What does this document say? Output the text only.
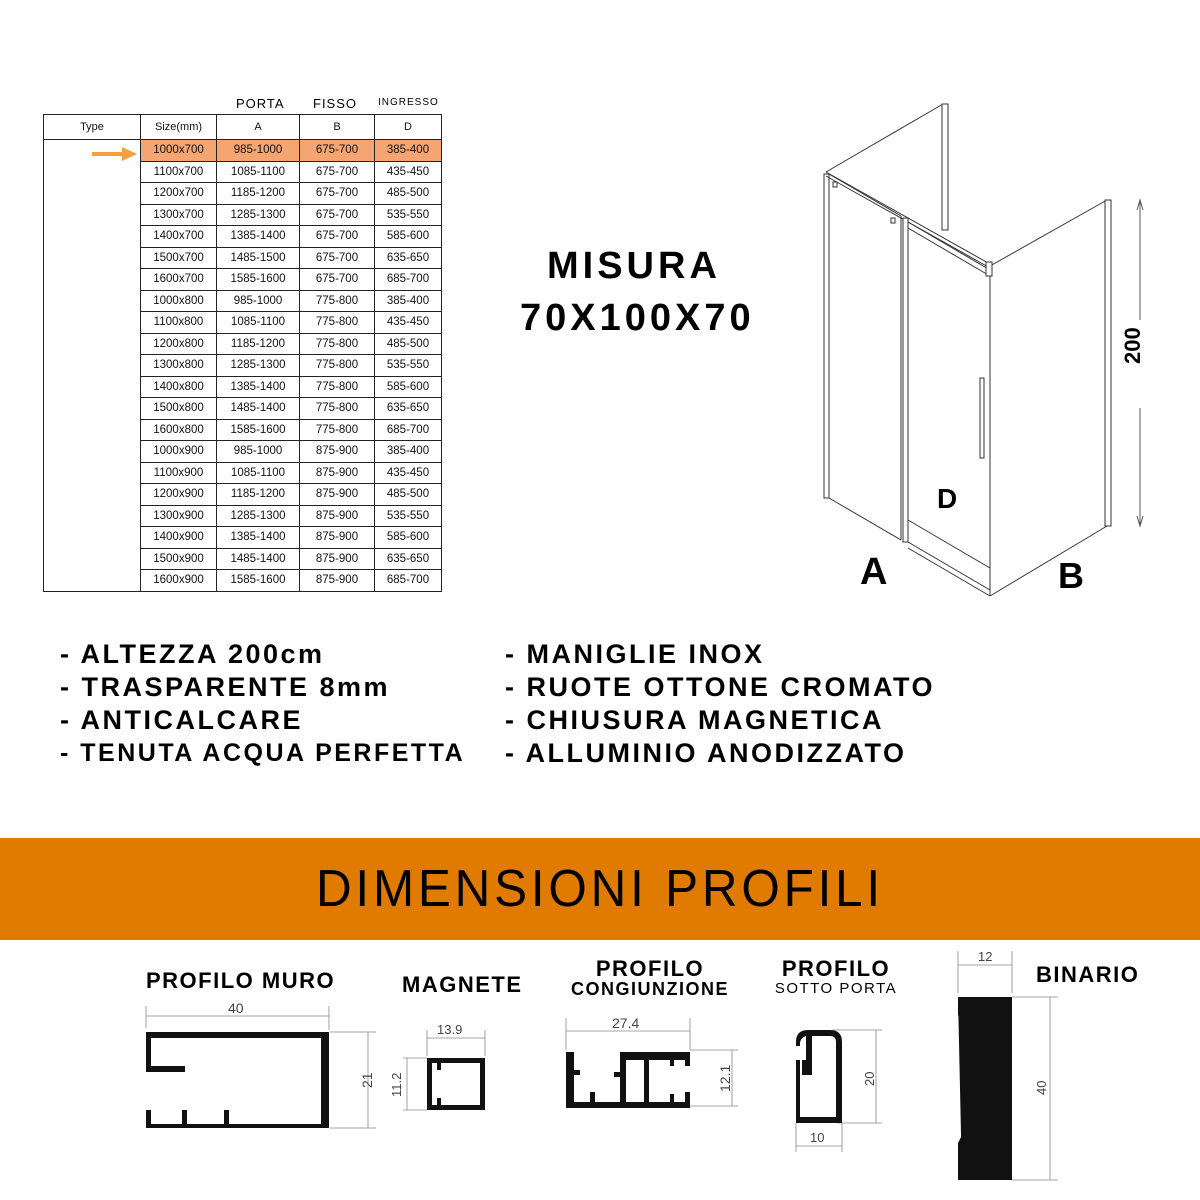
PORTA FISSO INGRESSO
Type	Size(mm)	A	B	D
	1000x700	985-1000	675-700	385-400
	1100x700	1085-1100	675-700	435-450
	1200x700	1185-1200	675-700	485-500
	1300x700	1285-1300	675-700	535-550
	1400x700	1385-1400	675-700	585-600
	1500x700	1485-1500	675-700	635-650
	1600x700	1585-1600	675-700	685-700
	1000x800	985-1000	775-800	385-400
	1100x800	1085-1100	775-800	435-450
	1200x800	1185-1200	775-800	485-500
	1300x800	1285-1300	775-800	535-550
	1400x800	1385-1400	775-800	585-600
	1500x800	1485-1400	775-800	635-650
	1600x800	1585-1600	775-800	685-700
	1000x900	985-1000	875-900	385-400
	1100x900	1085-1100	875-900	435-450
	1200x900	1185-1200	875-900	485-500
	1300x900	1285-1300	875-900	535-550
	1400x900	1385-1400	875-900	585-600
	1500x900	1485-1400	875-900	635-650
	1600x900	1585-1600	875-900	685-700
MISURA
70X100X70
200
D
A	B
- ALTEZZA 200cm
- TRASPARENTE 8mm
- ANTICALCARE
- TENUTA ACQUA PERFETTA
- MANIGLIE INOX
- RUOTE OTTONE CROMATO
- CHIUSURA MAGNETICA
- ALLUMINIO ANODIZZATO
DIMENSIONI PROFILI
PROFILO MURO
40
21
MAGNETE
13.9
11.2
PROFILO
CONGIUNZIONE
27.4
12.1
PROFILO
SOTTO PORTA
10
20
BINARIO
12
40
